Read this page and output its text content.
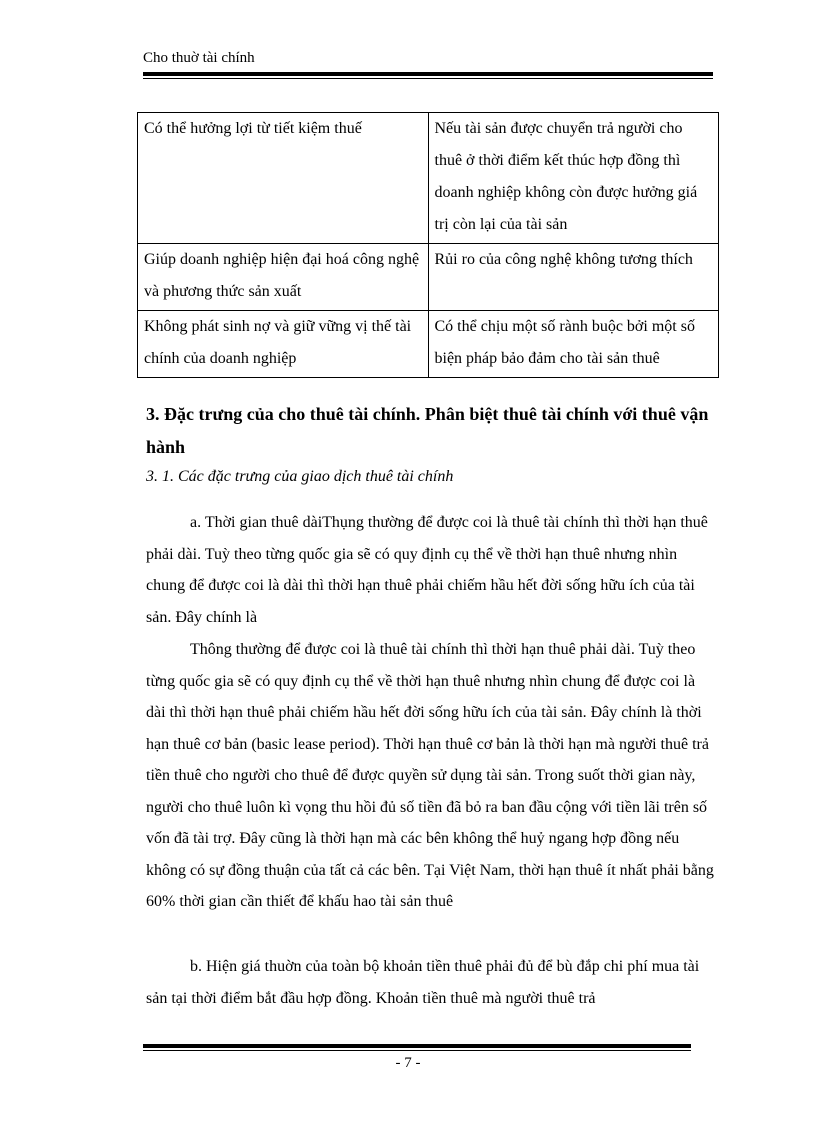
Cho thuờ tài chính
Có thể hưởng lợi từ tiết kiệm thuế	Nếu tài sản được chuyển trả người cho thuê ở thời điểm kết thúc hợp đồng thì doanh nghiệp không còn được hưởng giá trị còn lại của tài sản
Giúp doanh nghiệp hiện đại hoá công nghệ và phương thức sản xuất	Rủi ro của công nghệ không tương thích
Không phát sinh nợ và giữ vững vị thế tài chính của doanh nghiệp	Có thể chịu một số rành buộc bởi một số biện pháp bảo đảm cho tài sản thuê
3. Đặc trưng của cho thuê tài chính. Phân biệt thuê tài chính với thuê vận hành
3. 1. Các đặc trưng của giao dịch thuê tài chính
a. Thời gian thuê dàiThụng thường để được coi là thuê tài chính thì thời hạn thuê phải dài. Tuỳ theo từng quốc gia sẽ có quy định cụ thể về thời hạn thuê nhưng nhìn chung để được coi là dài thì thời hạn thuê phải chiếm hầu hết đời sống hữu ích của tài sản. Đây chính là
Thông thường để được coi là thuê tài chính thì thời hạn thuê phải dài. Tuỳ theo từng quốc gia sẽ có quy định cụ thể về thời hạn thuê nhưng nhìn chung để được coi là dài thì thời hạn thuê phải chiếm hầu hết đời sống hữu ích của tài sản. Đây chính là thời hạn thuê cơ bản (basic lease period). Thời hạn thuê cơ bản là thời hạn mà người thuê trả tiền thuê cho người cho thuê để được quyền sử dụng tài sản. Trong suốt thời gian này, người cho thuê luôn kì vọng thu hồi đủ số tiền đã bỏ ra ban đầu cộng với tiền lãi trên số vốn đã tài trợ. Đây cũng là thời hạn mà các bên không thể huỷ ngang hợp đồng nếu không có sự đồng thuận của tất cả các bên. Tại Việt Nam, thời hạn thuê ít nhất phải bằng 60% thời gian cần thiết để khấu hao tài sản thuê
b. Hiện giá thuờn của toàn bộ khoản tiền thuê phải đủ để bù đắp chi phí mua tài sản tại thời điểm bắt đầu hợp đồng. Khoản tiền thuê mà người thuê trả
- 7 -
